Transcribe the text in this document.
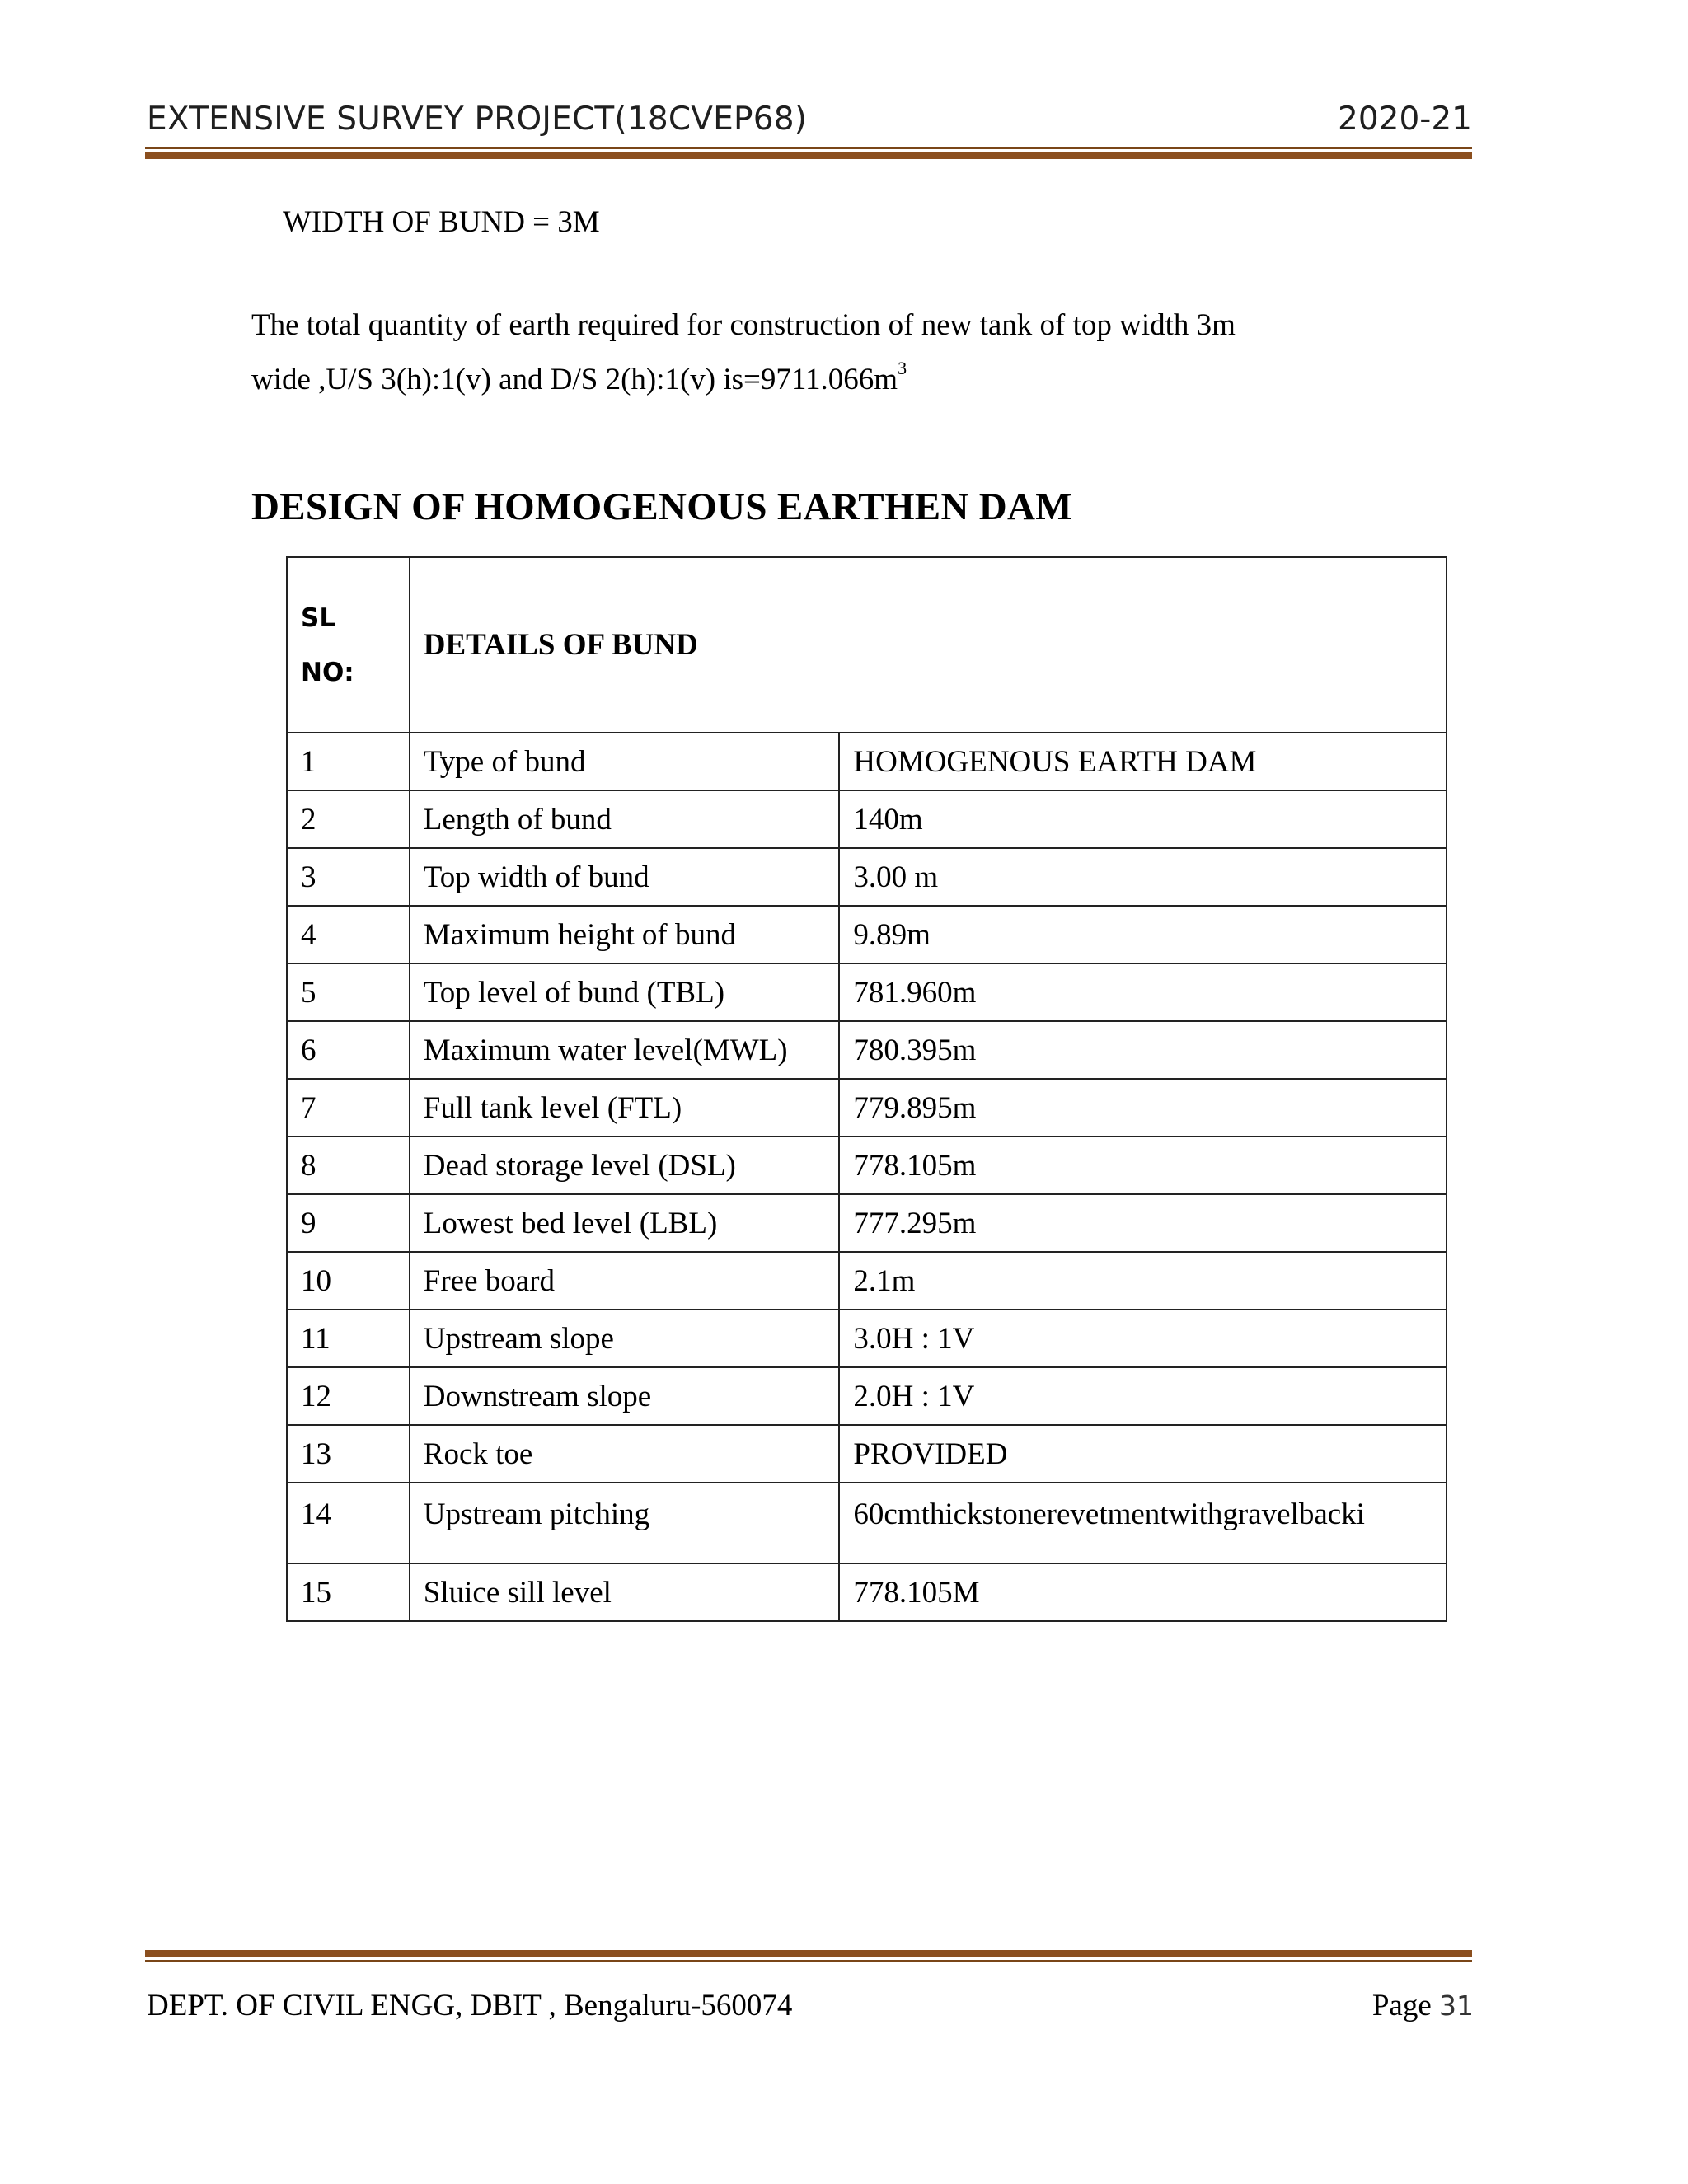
EXTENSIVE SURVEY PROJECT(18CVEP68)	2020-21
WIDTH OF BUND = 3M
The total quantity of earth required for construction of new tank of top width 3m
wide ,U/S 3(h):1(v) and D/S 2(h):1(v) $is=9711.066m^3$
DESIGN OF HOMOGENOUS EARTHEN DAM
SL
NO:	DETAILS OF BUND	
1	Type of bund	HOMOGENOUS EARTH DAM
2	Length of bund	140m
3	Top width of bund	3.00 m
4	Maximum height of bund	9.89m
5	Top level of bund (TBL)	781.960m
6	Maximum water level(MWL)	780.395m
7	Full tank level (FTL)	779.895m
8	Dead storage level (DSL)	778.105m
9	Lowest bed level (LBL)	777.295m
10	Free board	2.1m
11	Upstream slope	3.0H : 1V
12	Downstream slope	2.0H : 1V
13	Rock toe	PROVIDED
14	Upstream pitching	60cmthickstonerevetmentwithgravelbacki
15	Sluice sill level	778.105M
DEPT. OF CIVIL ENGG, DBIT , Bengaluru-560074	Page 31
